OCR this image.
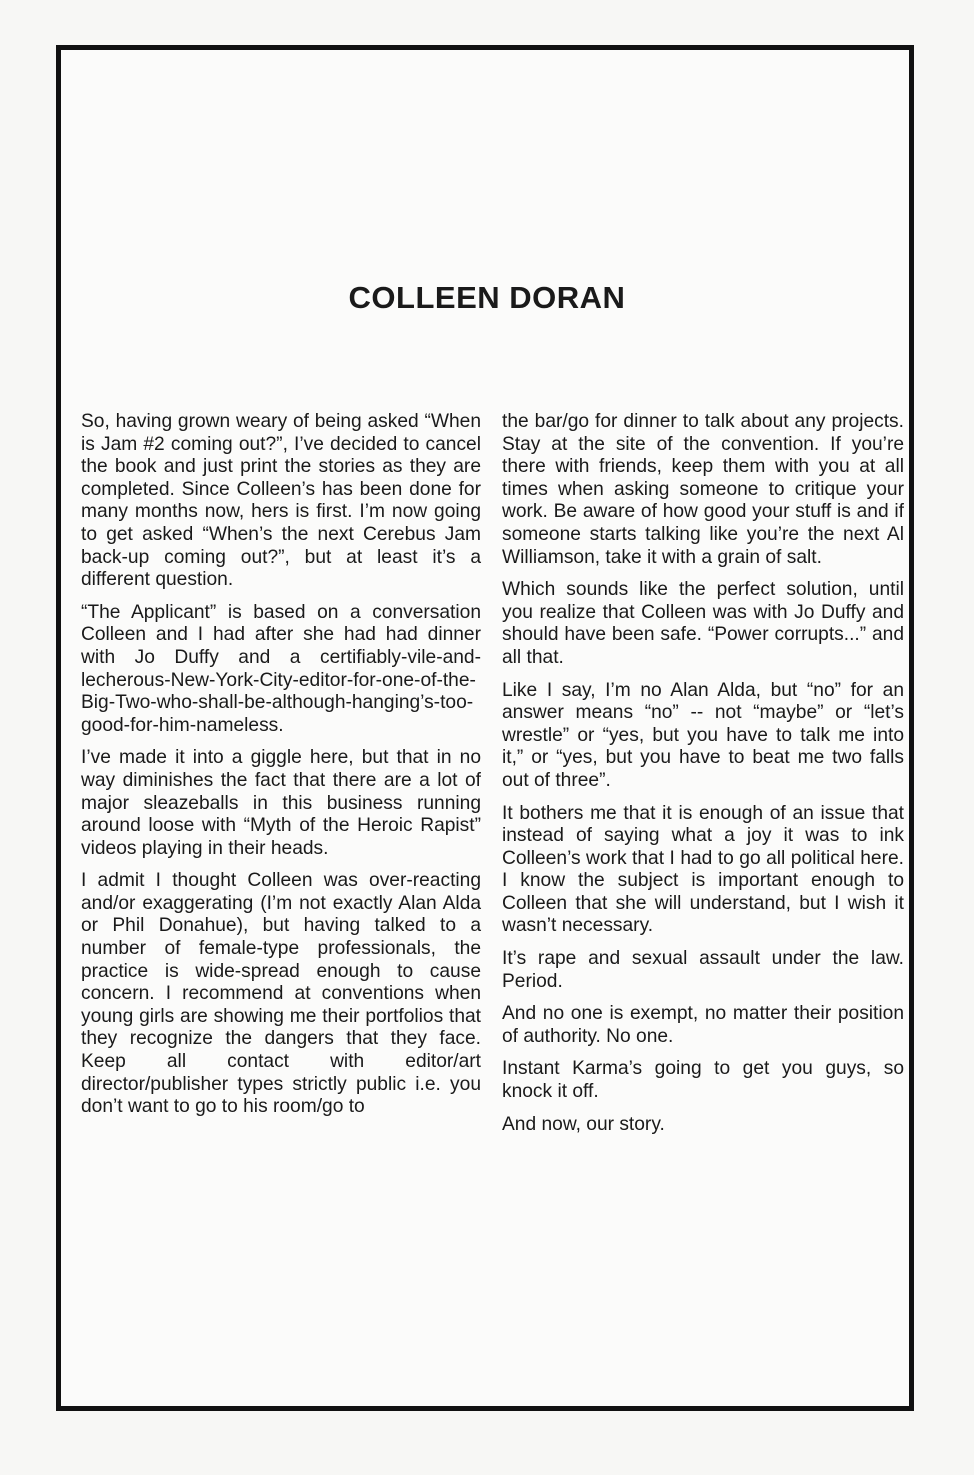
COLLEEN DORAN

So, having grown weary of being asked “When is Jam #2 coming out?”, I’ve decided to cancel the book and just print the stories as they are completed. Since Colleen’s has been done for many months now, hers is first. I’m now going to get asked “When’s the next Cerebus Jam back-up coming out?”, but at least it’s a different question.

“The Applicant” is based on a conversation Colleen and I had after she had had dinner with Jo Duffy and a certifiably-vile-and-lecherous-New-York-City-editor-for-one-of-the-Big-Two-who-shall-be-although-hanging’s-too-good-for-him-nameless.

I’ve made it into a giggle here, but that in no way diminishes the fact that there are a lot of major sleazeballs in this business running around loose with “Myth of the Heroic Rapist” videos playing in their heads.

I admit I thought Colleen was over-reacting and/or exaggerating (I’m not exactly Alan Alda or Phil Donahue), but having talked to a number of female-type professionals, the practice is wide-spread enough to cause concern. I recommend at conventions when young girls are showing me their portfolios that they recognize the dangers that they face. Keep all contact with editor/art director/publisher types strictly public i.e. you don’t want to go to his room/go to

the bar/go for dinner to talk about any projects. Stay at the site of the convention. If you’re there with friends, keep them with you at all times when asking someone to critique your work. Be aware of how good your stuff is and if someone starts talking like you’re the next Al Williamson, take it with a grain of salt.

Which sounds like the perfect solution, until you realize that Colleen was with Jo Duffy and should have been safe. “Power corrupts...” and all that.

Like I say, I’m no Alan Alda, but “no” for an answer means “no” -- not “maybe” or “let’s wrestle” or “yes, but you have to talk me into it,” or “yes, but you have to beat me two falls out of three”.

It bothers me that it is enough of an issue that instead of saying what a joy it was to ink Colleen’s work that I had to go all political here. I know the subject is important enough to Colleen that she will understand, but I wish it wasn’t necessary.

It’s rape and sexual assault under the law. Period.

And no one is exempt, no matter their position of authority. No one.

Instant Karma’s going to get you guys, so knock it off.

And now, our story.
